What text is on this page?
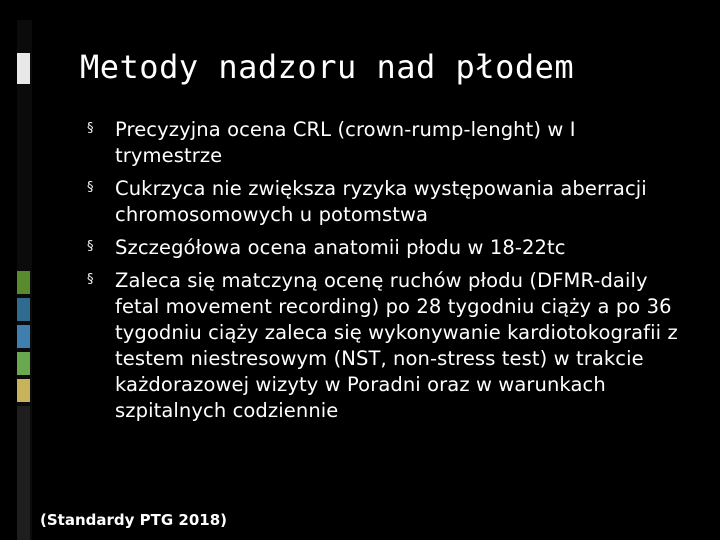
Metody nadzoru nad płodem
§ Precyzyjna ocena CRL (crown-rump-lenght) w I trymestrze
§ Cukrzyca nie zwiększa ryzyka występowania aberracji chromosomowych u potomstwa
§ Szczegółowa ocena anatomii płodu w 18-22tc
§ Zaleca się matczyną ocenę ruchów płodu (DFMR-daily fetal movement recording) po 28 tygodniu ciąży a po 36 tygodniu ciąży zaleca się wykonywanie kardiotokografii z testem niestresowym (NST, non-stress test) w trakcie każdorazowej wizyty w Poradni oraz w warunkach szpitalnych codziennie
(Standardy PTG 2018)
